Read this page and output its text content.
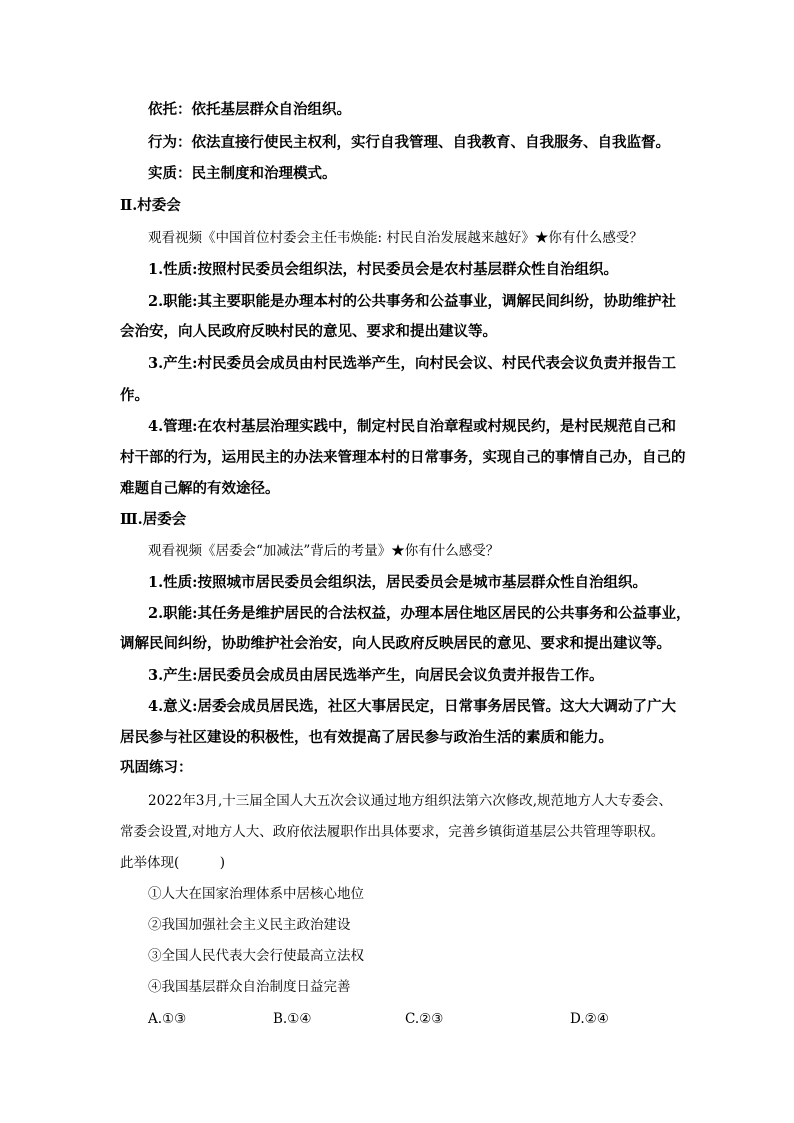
依托：依托基层群众自治组织。
行为：依法直接行使民主权利，实行自我管理、自我教育、自我服务、自我监督。
实质：民主制度和治理模式。
Ⅱ.村委会
观看视频《中国首位村委会主任韦焕能: 村民自治发展越来越好》★你有什么感受？
1.性质:按照村民委员会组织法，村民委员会是农村基层群众性自治组织。
2.职能:其主要职能是办理本村的公共事务和公益事业，调解民间纠纷，协助维护社
会治安，向人民政府反映村民的意见、要求和提出建议等。
3.产生:村民委员会成员由村民选举产生，向村民会议、村民代表会议负责并报告工
作。
4.管理:在农村基层治理实践中，制定村民自治章程或村规民约，是村民规范自己和
村干部的行为，运用民主的办法来管理本村的日常事务，实现自己的事情自己办，自己的
难题自己解的有效途径。
Ⅲ.居委会
观看视频《居委会“加减法”背后的考量》★你有什么感受？
1.性质:按照城市居民委员会组织法，居民委员会是城市基层群众性自治组织。
2.职能:其任务是维护居民的合法权益，办理本居住地区居民的公共事务和公益事业，
调解民间纠纷，协助维护社会治安，向人民政府反映居民的意见、要求和提出建议等。
3.产生:居民委员会成员由居民选举产生，向居民会议负责并报告工作。
4.意义:居委会成员居民选，社区大事居民定，日常事务居民管。这大大调动了广大
居民参与社区建设的积极性，也有效提高了居民参与政治生活的素质和能力。
巩固练习：
2022年3月,十三届全国人大五次会议通过地方组织法第六次修改,规范地方人大专委会、
常委会设置,对地方人大、政府依法履职作出具体要求，完善乡镇街道基层公共管理等职权。
此举体现(　　　)
①人大在国家治理体系中居核心地位
②我国加强社会主义民主政治建设
③全国人民代表大会行使最高立法权
④我国基层群众自治制度日益完善
A.①③	B.①④	C.②③	D.②④
